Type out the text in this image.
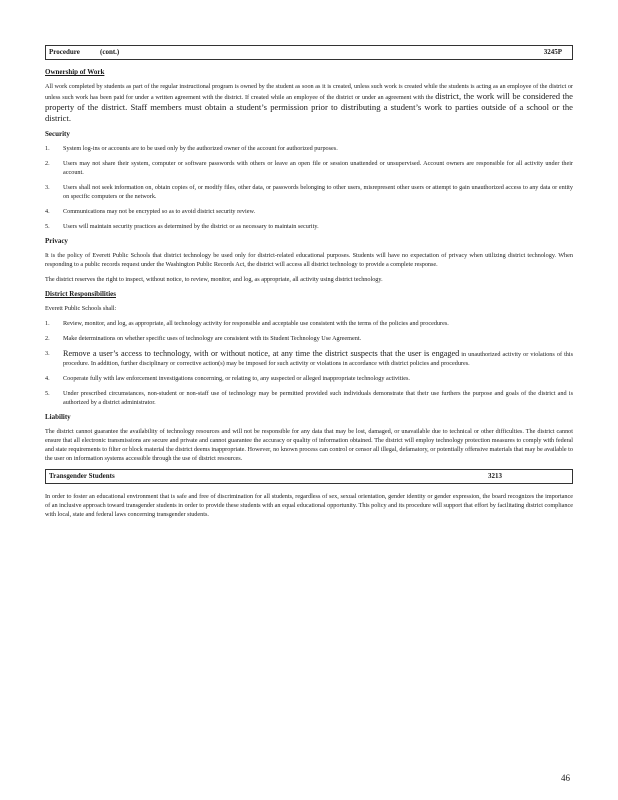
Procedure	(cont.)	3245P
Ownership of Work

All work completed by students as part of the regular instructional program is owned by the student as soon as it is created, unless such work is created while the students is acting as an employee of the district or unless such work has been paid for under a written agreement with the district. If created while an employee of the district or under an agreement with the district, the work will be considered the property of the district. Staff members must obtain a student’s permission prior to distributing a student’s work to parties outside of a school or the district.

Security
1. System log-ins or accounts are to be used only by the authorized owner of the account for authorized purposes.
2. Users may not share their system, computer or software passwords with others or leave an open file or session unattended or unsupervised. Account owners are responsible for all activity under their account.
3. Users shall not seek information on, obtain copies of, or modify files, other data, or passwords belonging to other users, misrepresent other users or attempt to gain unauthorized access to any data or entity on specific computers or the network.
4. Communications may not be encrypted so as to avoid district security review.
5. Users will maintain security practices as determined by the district or as necessary to maintain security.
Privacy

It is the policy of Everett Public Schools that district technology be used only for district-related educational purposes. Students will have no expectation of privacy when utilizing district technology. When responding to a public records request under the Washington Public Records Act, the district will access all district technology to provide a complete response.

The district reserves the right to inspect, without notice, to review, monitor, and log, as appropriate, all activity using district technology.

District Responsibilities

Everett Public Schools shall:

1. Review, monitor, and log, as appropriate, all technology activity for responsible and acceptable use consistent with the terms of the policies and procedures.
2. Make determinations on whether specific uses of technology are consistent with its Student Technology Use Agreement.
3. Remove a user’s access to technology, with or without notice, at any time the district suspects that the user is engaged in unauthorized activity or violations of this procedure. In addition, further disciplinary or corrective action(s) may be imposed for such activity or violations in accordance with district policies and procedures.
4. Cooperate fully with law enforcement investigations concerning, or relating to, any suspected or alleged inappropriate technology activities.
5. Under prescribed circumstances, non-student or non-staff use of technology may be permitted provided such individuals demonstrate that their use furthers the purpose and goals of the district and is authorized by a district administrator.
Liability

The district cannot guarantee the availability of technology resources and will not be responsible for any data that may be lost, damaged, or unavailable due to technical or other difficulties. The district cannot ensure that all electronic transmissions are secure and private and cannot guarantee the accuracy or quality of information obtained. The district will employ technology protection measures to comply with federal and state requirements to filter or block material the district deems inappropriate. However, no known process can control or censor all illegal, defamatory, or potentially offensive materials that may be available to the user on information systems accessible through the use of district resources.

Transgender Students	3213

In order to foster an educational environment that is safe and free of discrimination for all students, regardless of sex, sexual orientation, gender identity or gender expression, the board recognizes the importance of an inclusive approach toward transgender students in order to provide these students with an equal educational opportunity. This policy and its procedure will support that effort by facilitating district compliance with local, state and federal laws concerning transgender students.

46
